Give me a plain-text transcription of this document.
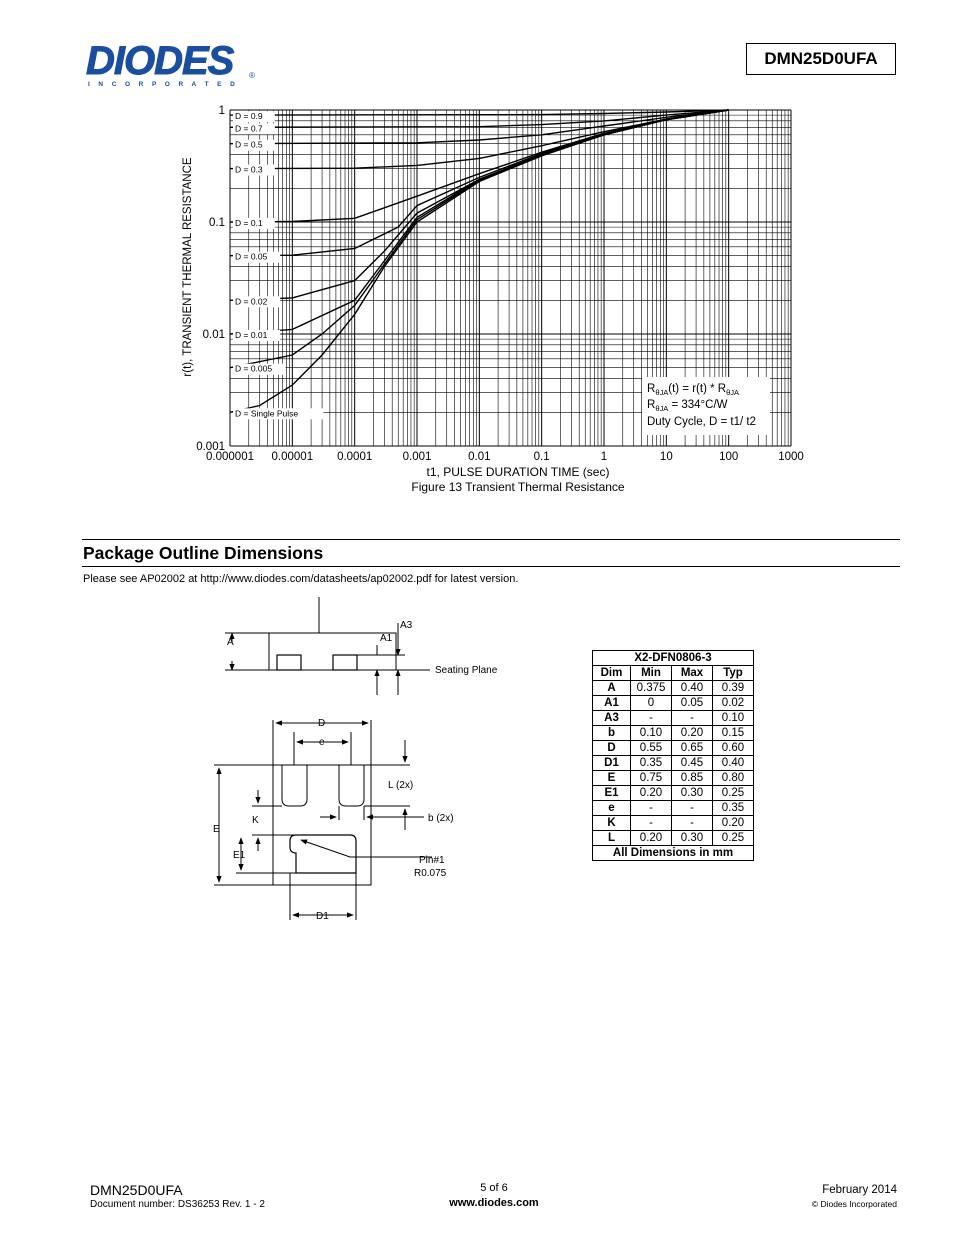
DIODES ®
I N C O R P O R A T E D
DMN25D0UFA
D = 0.9
D = 0.7
D = 0.5
D = 0.3
D = 0.1
D = 0.05
D = 0.02
D = 0.01
D = 0.005
D = Single Pulse
0.000001 0.00001 0.0001	0.001	0.01	0.1	1	10	100	1000
0.001
0.01
0.1
1
r(t), TRANSIENT THERMAL RESISTANCE
t1, PULSE DURATION TIME (sec)
Figure 13 Transient Thermal Resistance
$R_{\theta JA}(t) = r(t) * R_{\theta JA}$
$R_{\theta JA} = 334^\circ C/W$
Duty Cycle, D = t1/ t2
Package Outline Dimensions
Please see AP02002 at http://www.diodes.com/datasheets/ap02002.pdf for latest version.
A	A1
A3
Seating Plane
D
e
L (2x)
b (2x)
E
K
E1	Pin#1
R0.075
D1
X2-DFN0806-3			
Dim	Min	Max	Typ
A	0.375	0.40	0.39
A1	0	0.05	0.02
A3	-	-	0.10
b	0.10	0.20	0.15
D	0.55	0.65	0.60
D1	0.35	0.45	0.40
E	0.75	0.85	0.80
E1	0.20	0.30	0.25
e	-	-	0.35
K	-	-	0.20
L	0.20	0.30	0.25
All Dimensions in mm			
DMN25D0UFA
Document number: DS36253 Rev. 1 - 2
5 of 6
www.diodes.com
February 2014
© Diodes Incorporated
